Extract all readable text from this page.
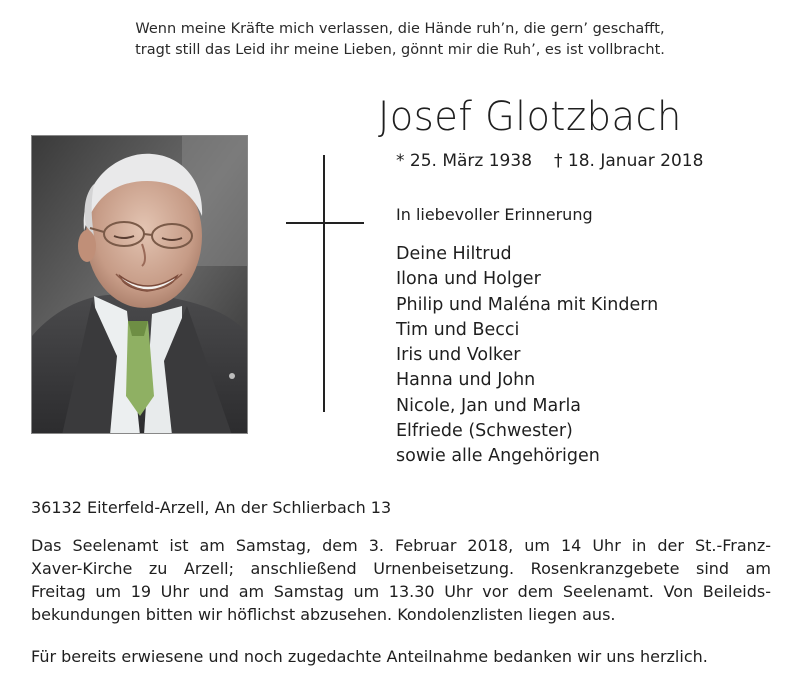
Wenn meine Kräfte mich verlassen, die Hände ruh’n, die gern’ geschafft,
tragt still das Leid ihr meine Lieben, gönnt mir die Ruh’, es ist vollbracht.
Josef Glotzbach
* 25. März 1938 † 18. Januar 2018
In liebevoller Erinnerung
Deine Hiltrud
Ilona und Holger
Philip und Maléna mit Kindern
Tim und Becci
Iris und Volker
Hanna und John
Nicole, Jan und Marla
Elfriede (Schwester)
sowie alle Angehörigen
36132 Eiterfeld-Arzell, An der Schlierbach 13
Das Seelenamt ist am Samstag, dem 3. Februar 2018, um 14 Uhr in der St.-Franz-
Xaver-Kirche zu Arzell; anschließend Urnenbeisetzung. Rosenkranzgebete sind am
Freitag um 19 Uhr und am Samstag um 13.30 Uhr vor dem Seelenamt. Von Beileids-
bekundungen bitten wir höflichst abzusehen. Kondolenzlisten liegen aus.
Für bereits erwiesene und noch zugedachte Anteilnahme bedanken wir uns herzlich.
